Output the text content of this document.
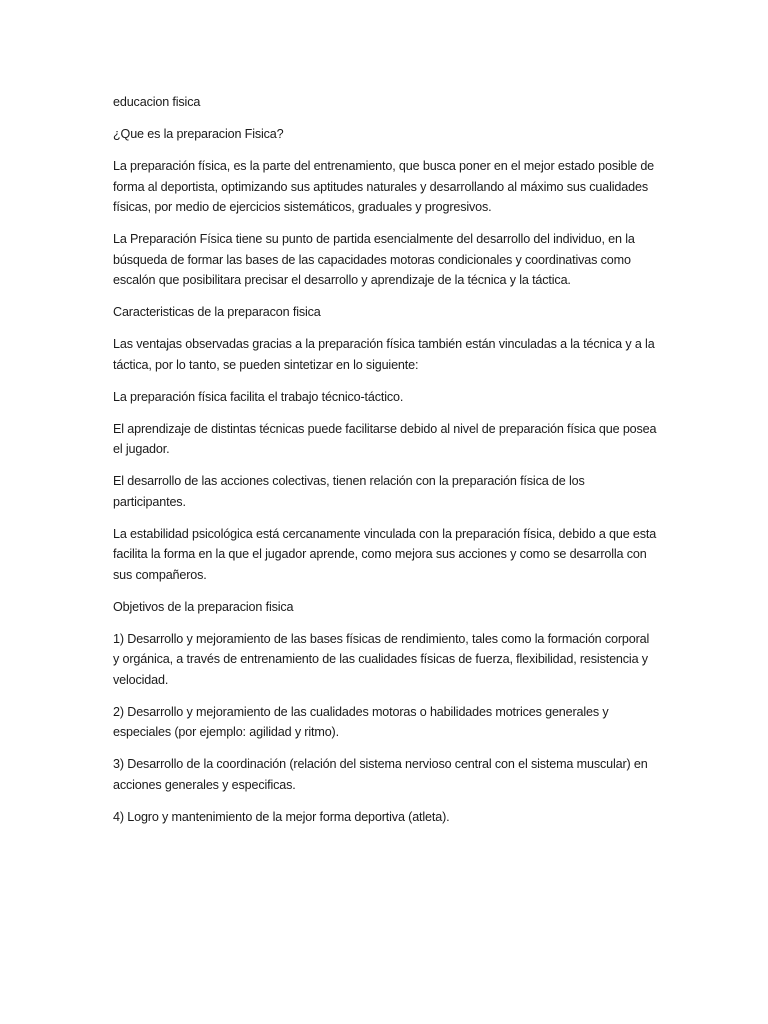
educacion fisica

¿Que es la preparacion Fisica?

La preparación física, es la parte del entrenamiento, que busca poner en el mejor estado posible de forma al deportista, optimizando sus aptitudes naturales y desarrollando al máximo sus cualidades físicas, por medio de ejercicios sistemáticos, graduales y progresivos.

La Preparación Física tiene su punto de partida esencialmente del desarrollo del individuo, en la búsqueda de formar las bases de las capacidades motoras condicionales y coordinativas como escalón que posibilitara precisar el desarrollo y aprendizaje de la técnica y la táctica.

Caracteristicas de la preparacon fisica

Las ventajas observadas gracias a la preparación física también están vinculadas a la técnica y a la táctica, por lo tanto, se pueden sintetizar en lo siguiente:

La preparación física facilita el trabajo técnico-táctico.

El aprendizaje de distintas técnicas puede facilitarse debido al nivel de preparación física que posea el jugador.

El desarrollo de las acciones colectivas, tienen relación con la preparación física de los participantes.

La estabilidad psicológica está cercanamente vinculada con la preparación física, debido a que esta facilita la forma en la que el jugador aprende, como mejora sus acciones y como se desarrolla con sus compañeros.

Objetivos de la preparacion fisica

1) Desarrollo y mejoramiento de las bases físicas de rendimiento, tales como la formación corporal y orgánica, a través de entrenamiento de las cualidades físicas de fuerza, flexibilidad, resistencia y velocidad.

2) Desarrollo y mejoramiento de las cualidades motoras o habilidades motrices generales y especiales (por ejemplo: agilidad y ritmo).

3) Desarrollo de la coordinación (relación del sistema nervioso central con el sistema muscular) en acciones generales y especificas.

4) Logro y mantenimiento de la mejor forma deportiva (atleta).
